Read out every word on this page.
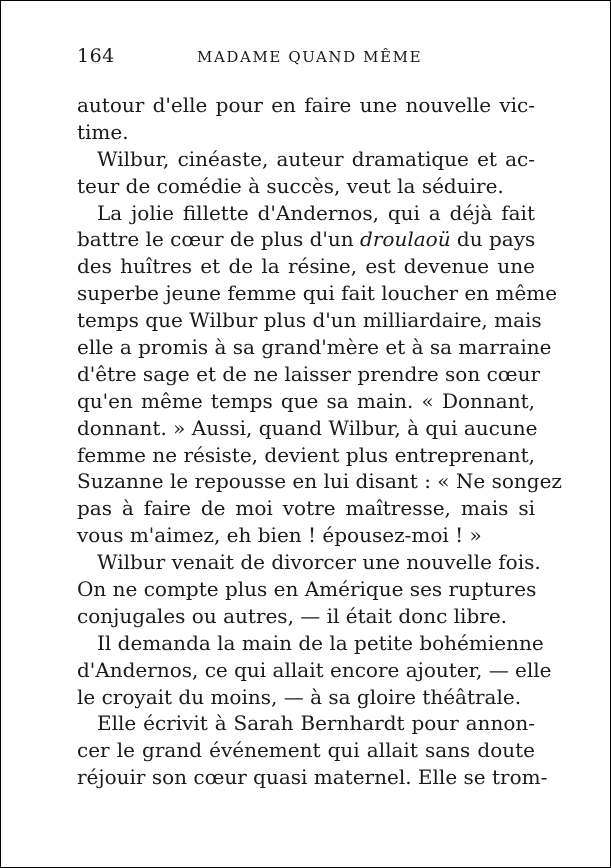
164	MADAME QUAND MÊME
autour d'elle pour en faire une nouvelle vic-
time.
Wilbur, cinéaste, auteur dramatique et ac-
teur de comédie à succès, veut la séduire.
La jolie fillette d'Andernos, qui a déjà fait
battre le cœur de plus d'un droulaoü du pays
des huîtres et de la résine, est devenue une
superbe jeune femme qui fait loucher en même
temps que Wilbur plus d'un milliardaire, mais
elle a promis à sa grand'mère et à sa marraine
d'être sage et de ne laisser prendre son cœur
qu'en même temps que sa main. « Donnant,
donnant. » Aussi, quand Wilbur, à qui aucune
femme ne résiste, devient plus entreprenant,
Suzanne le repousse en lui disant : « Ne songez
pas à faire de moi votre maîtresse, mais si
vous m'aimez, eh bien ! épousez-moi ! »
Wilbur venait de divorcer une nouvelle fois.
On ne compte plus en Amérique ses ruptures
conjugales ou autres, — il était donc libre.
Il demanda la main de la petite bohémienne
d'Andernos, ce qui allait encore ajouter, — elle
le croyait du moins, — à sa gloire théâtrale.
Elle écrivit à Sarah Bernhardt pour annon-
cer le grand événement qui allait sans doute
réjouir son cœur quasi maternel. Elle se trom-
